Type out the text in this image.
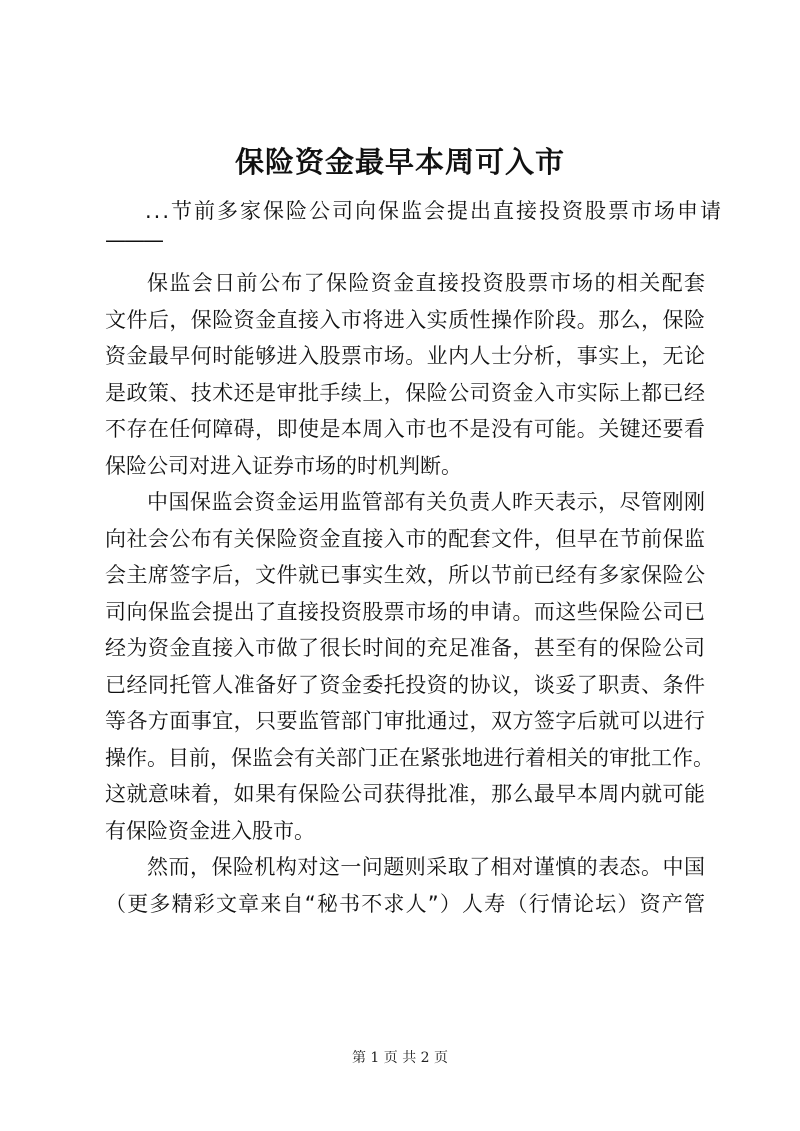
保险资金最早本周可入市
...节前多家保险公司向保监会提出直接投资股票市场申请
———
保监会日前公布了保险资金直接投资股票市场的相关配套
文件后，保险资金直接入市将进入实质性操作阶段。那么，保险
资金最早何时能够进入股票市场。业内人士分析，事实上，无论
是政策、技术还是审批手续上，保险公司资金入市实际上都已经
不存在任何障碍，即使是本周入市也不是没有可能。关键还要看
保险公司对进入证券市场的时机判断。
中国保监会资金运用监管部有关负责人昨天表示，尽管刚刚
向社会公布有关保险资金直接入市的配套文件，但早在节前保监
会主席签字后，文件就已事实生效，所以节前已经有多家保险公
司向保监会提出了直接投资股票市场的申请。而这些保险公司已
经为资金直接入市做了很长时间的充足准备，甚至有的保险公司
已经同托管人准备好了资金委托投资的协议，谈妥了职责、条件
等各方面事宜，只要监管部门审批通过，双方签字后就可以进行
操作。目前，保监会有关部门正在紧张地进行着相关的审批工作。
这就意味着，如果有保险公司获得批准，那么最早本周内就可能
有保险资金进入股市。
然而，保险机构对这一问题则采取了相对谨慎的表态。中国
（更多精彩文章来自“秘书不求人”）人寿（行情论坛）资产管
第 1 页 共 2 页
